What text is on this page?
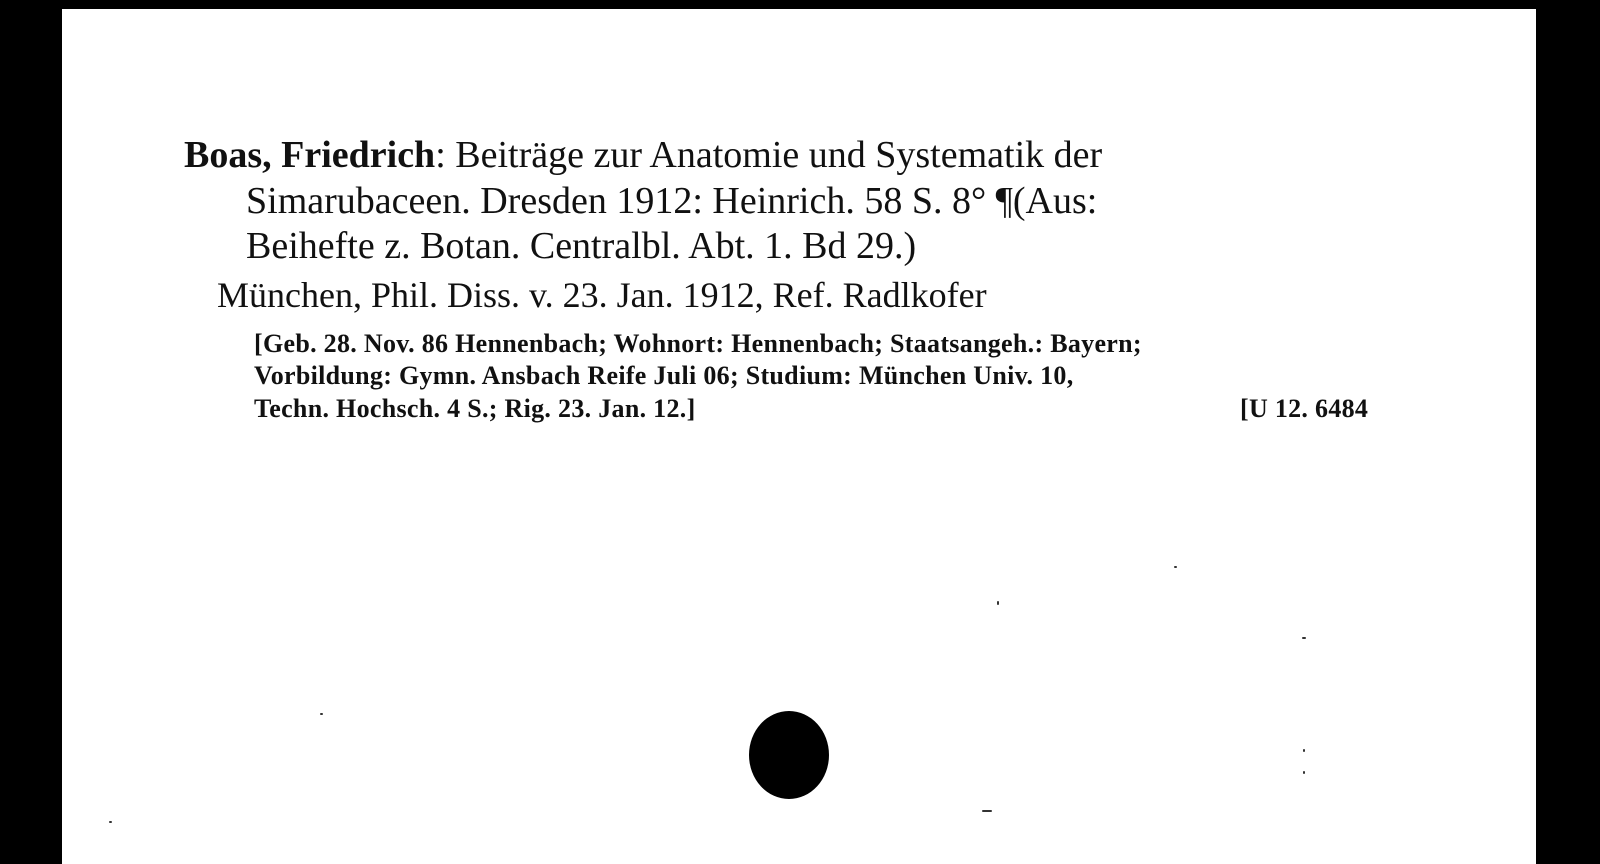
Boas, Friedrich: Beiträge zur Anatomie und Systematik der
Simarubaceen. Dresden 1912: Heinrich. 58 S. 8° ¶(Aus:
Beihefte z. Botan. Centralbl. Abt. 1. Bd 29.)
München, Phil. Diss. v. 23. Jan. 1912, Ref. Radlkofer
[Geb. 28. Nov. 86 Hennenbach; Wohnort: Hennenbach; Staatsangeh.: Bayern;
Vorbildung: Gymn. Ansbach Reife Juli 06; Studium: München Univ. 10,
Techn. Hochsch. 4 S.; Rig. 23. Jan. 12.]	[U 12. 6484
